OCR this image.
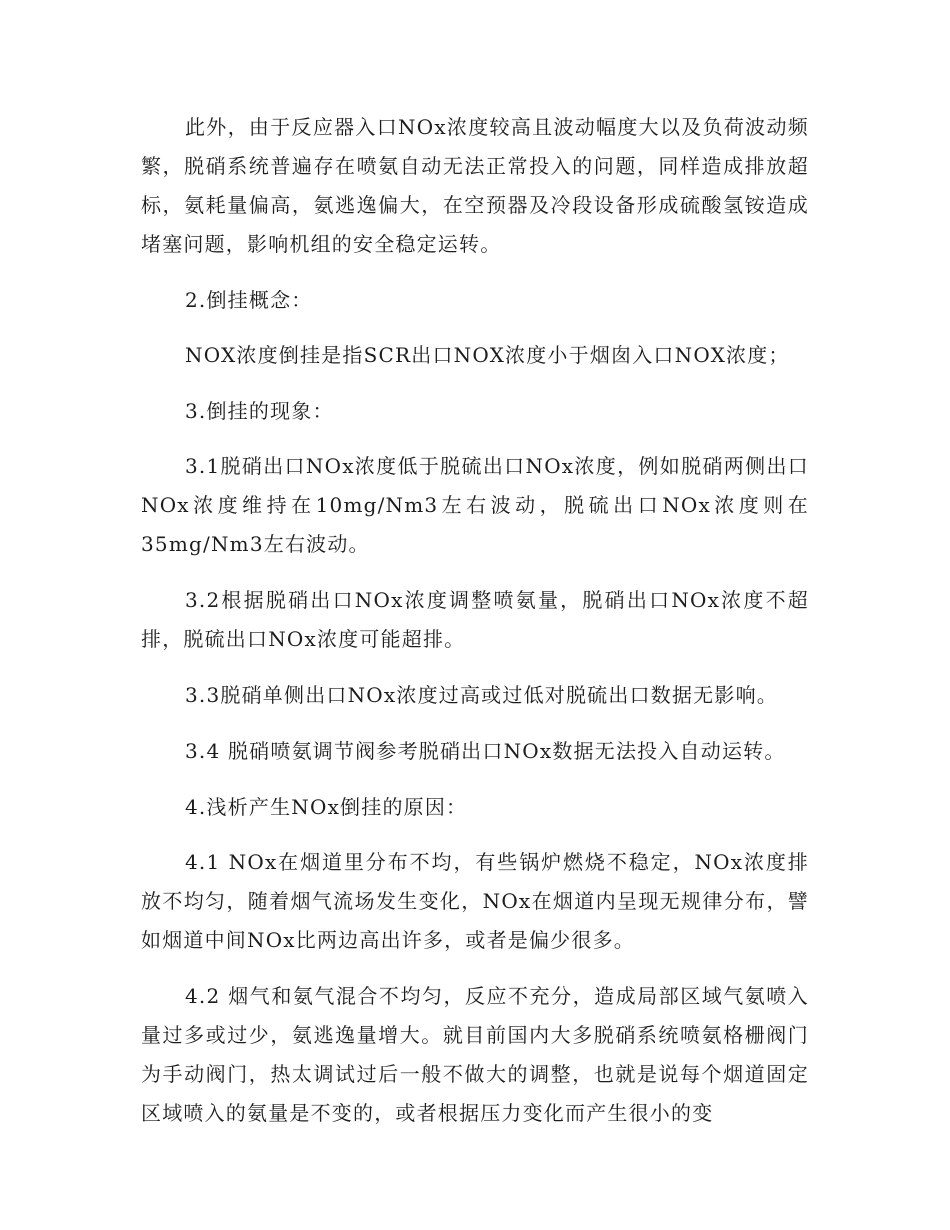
此外，由于反应器入口NOx浓度较高且波动幅度大以及负荷波动频繁，脱硝系统普遍存在喷氨自动无法正常投入的问题，同样造成排放超标，氨耗量偏高，氨逃逸偏大，在空预器及冷段设备形成硫酸氢铵造成堵塞问题，影响机组的安全稳定运转。

2.倒挂概念：

NOX浓度倒挂是指SCR出口NOX浓度小于烟囱入口NOX浓度；

3.倒挂的现象：

3.1脱硝出口NOx浓度低于脱硫出口NOx浓度，例如脱硝两侧出口NOx浓度维持在10mg/Nm3左右波动，脱硫出口NOx浓度则在35mg/Nm3左右波动。

3.2根据脱硝出口NOx浓度调整喷氨量，脱硝出口NOx浓度不超排，脱硫出口NOx浓度可能超排。

3.3脱硝单侧出口NOx浓度过高或过低对脱硫出口数据无影响。

3.4 脱硝喷氨调节阀参考脱硝出口NOx数据无法投入自动运转。

4.浅析产生NOx倒挂的原因：

4.1 NOx在烟道里分布不均，有些锅炉燃烧不稳定，NOx浓度排放不均匀，随着烟气流场发生变化，NOx在烟道内呈现无规律分布，譬如烟道中间NOx比两边高出许多，或者是偏少很多。

4.2 烟气和氨气混合不均匀，反应不充分，造成局部区域气氨喷入量过多或过少，氨逃逸量增大。就目前国内大多脱硝系统喷氨格栅阀门为手动阀门，热太调试过后一般不做大的调整，也就是说每个烟道固定区域喷入的氨量是不变的，或者根据压力变化而产生很小的变
